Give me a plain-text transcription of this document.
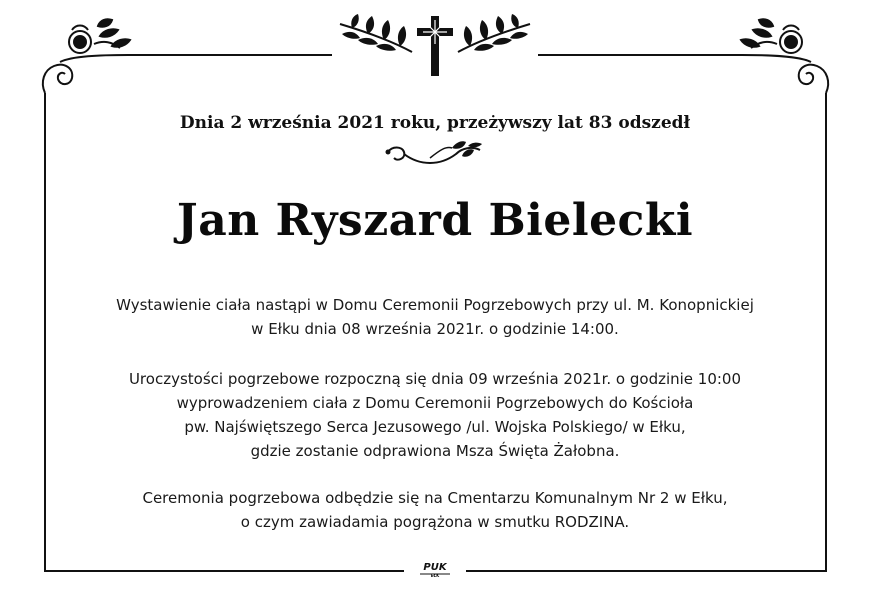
Dnia 2 września 2021 roku, przeżywszy lat 83 odszedł

Jan Ryszard Bielecki
Wystawienie ciała nastąpi w Domu Ceremonii Pogrzebowych przy ul. M. Konopnickiej
w Ełku dnia 08 września 2021r. o godzinie 14:00.
Uroczystości pogrzebowe rozpoczną się dnia 09 września 2021r. o godzinie 10:00
wyprowadzeniem ciała z Domu Ceremonii Pogrzebowych do Kościoła
pw. Najświętszego Serca Jezusowego /ul. Wojska Polskiego/ w Ełku,
gdzie zostanie odprawiona Msza Święta Żałobna.
Ceremonia pogrzebowa odbędzie się na Cmentarzu Komunalnym Nr 2 w Ełku,
o czym zawiadamia pogrążona w smutku RODZINA.
PUK
EŁK
